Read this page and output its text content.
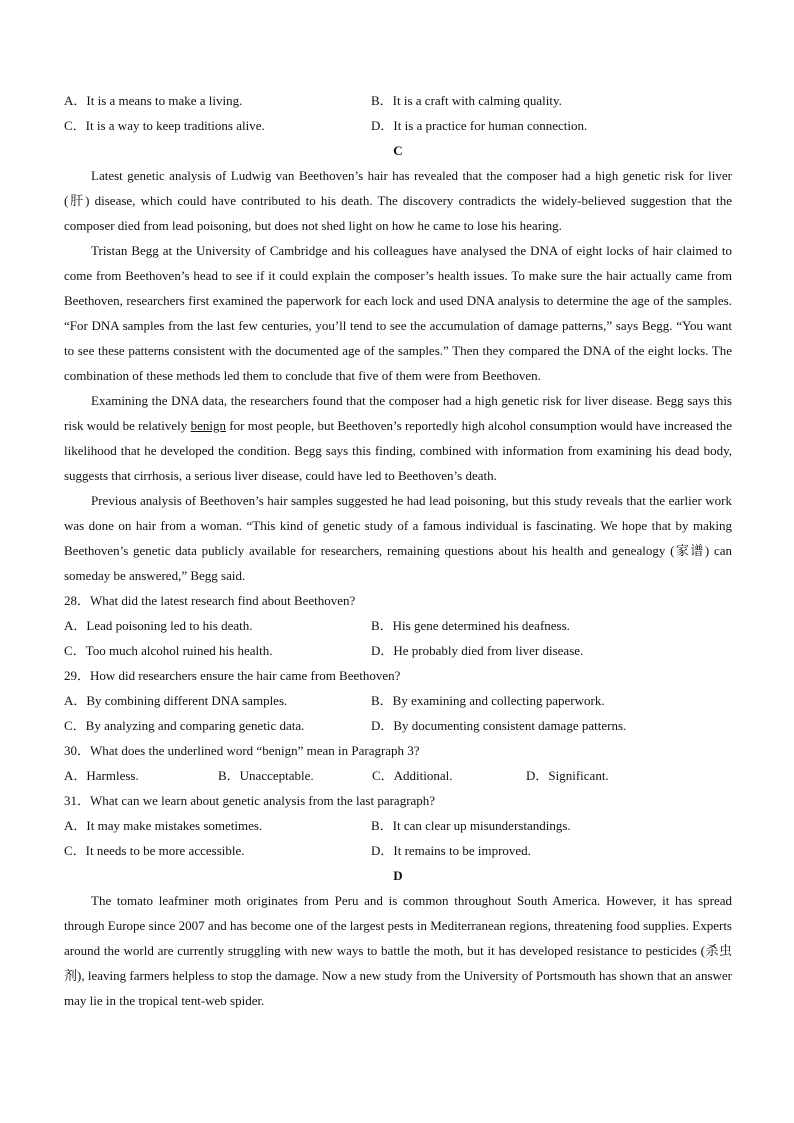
A．It is a means to make a living.	B．It is a craft with calming quality.
C．It is a way to keep traditions alive.	D．It is a practice for human connection.
C
Latest genetic analysis of Ludwig van Beethoven’s hair has revealed that the composer had a high genetic risk for liver (肝) disease, which could have contributed to his death. The discovery contradicts the widely-believed suggestion that the composer died from lead poisoning, but does not shed light on how he came to lose his hearing.
Tristan Begg at the University of Cambridge and his colleagues have analysed the DNA of eight locks of hair claimed to come from Beethoven’s head to see if it could explain the composer’s health issues. To make sure the hair actually came from Beethoven, researchers first examined the paperwork for each lock and used DNA analysis to determine the age of the samples. “For DNA samples from the last few centuries, you’ll tend to see the accumulation of damage patterns,” says Begg. “You want to see these patterns consistent with the documented age of the samples.” Then they compared the DNA of the eight locks. The combination of these methods led them to conclude that five of them were from Beethoven.
Examining the DNA data, the researchers found that the composer had a high genetic risk for liver disease. Begg says this risk would be relatively benign for most people, but Beethoven’s reportedly high alcohol consumption would have increased the likelihood that he developed the condition. Begg says this finding, combined with information from examining his dead body, suggests that cirrhosis, a serious liver disease, could have led to Beethoven’s death.
Previous analysis of Beethoven’s hair samples suggested he had lead poisoning, but this study reveals that the earlier work was done on hair from a woman. “This kind of genetic study of a famous individual is fascinating. We hope that by making Beethoven’s genetic data publicly available for researchers, remaining questions about his health and genealogy (家谱) can someday be answered,” Begg said.
28．What did the latest research find about Beethoven?
A．Lead poisoning led to his death.	B．His gene determined his deafness.
C．Too much alcohol ruined his health.	D．He probably died from liver disease.
29．How did researchers ensure the hair came from Beethoven?
A．By combining different DNA samples.	B．By examining and collecting paperwork.
C．By analyzing and comparing genetic data.	D．By documenting consistent damage patterns.
30．What does the underlined word “benign” mean in Paragraph 3?
A．Harmless.	B．Unacceptable.	C．Additional.	D．Significant.
31．What can we learn about genetic analysis from the last paragraph?
A．It may make mistakes sometimes.	B．It can clear up misunderstandings.
C．It needs to be more accessible.	D．It remains to be improved.
D
The tomato leafminer moth originates from Peru and is common throughout South America. However, it has spread through Europe since 2007 and has become one of the largest pests in Mediterranean regions, threatening food supplies. Experts around the world are currently struggling with new ways to battle the moth, but it has developed resistance to pesticides (杀虫剂), leaving farmers helpless to stop the damage. Now a new study from the University of Portsmouth has shown that an answer may lie in the tropical tent-web spider.
